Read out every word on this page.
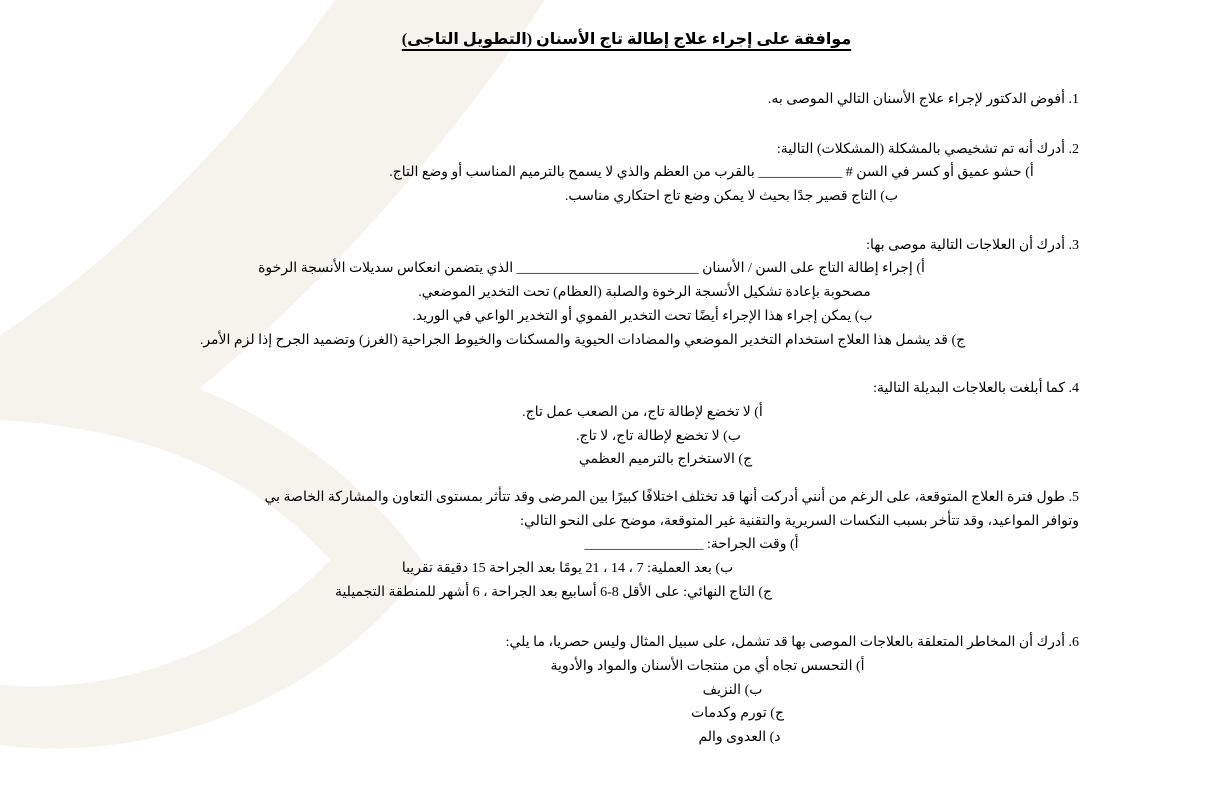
موافقة على إجراء علاج إطالة تاج الأسنان (التطويل التاجى)
1. أفوض الدكتور لإجراء علاج الأسنان التالي الموصى به.
2. أدرك أنه تم تشخيصي بالمشكلة (المشكلات) التالية:
أ) حشو عميق أو كسر في السن # ____________ بالقرب من العظم والذي لا يسمح بالترميم المناسب أو وضع التاج.
ب) التاج قصير جدًا بحيث لا يمكن وضع تاج احتكاري مناسب.
3. أدرك أن العلاجات التالية موصى بها:
أ) إجراء إطالة التاج على السن / الأسنان __________________________ الذي يتضمن انعكاس سديلات الأنسجة الرخوة
مصحوبة بإعادة تشكيل الأنسجة الرخوة والصلبة (العظام) تحت التخدير الموضعي.
ب) يمكن إجراء هذا الإجراء أيضًا تحت التخدير الفموي أو التخدير الواعي في الوريد.
ج) قد يشمل هذا العلاج استخدام التخدير الموضعي والمضادات الحيوية والمسكنات والخيوط الجراحية (الغرز) وتضميد الجرح إذا لزم الأمر.
4. كما أبلغت بالعلاجات البديلة التالية:
أ) لا تخضع لإطالة تاج، من الصعب عمل تاج.
ب) لا تخضع لإطالة تاج، لا تاج.
ج) الاستخراج بالترميم العظمي
5. طول فترة العلاج المتوقعة، على الرغم من أنني أدركت أنها قد تختلف اختلافًا كبيرًا بين المرضى وقد تتأثر بمستوى التعاون والمشاركة الخاصة بي
وتوافر المواعيد، وقد تتأخر بسبب النكسات السريرية والتقنية غير المتوقعة، موضح على النحو التالي:
أ) وقت الجراحة: _________________
ب) بعد العملية: 7 ، 14 ، 21 يومًا بعد الجراحة 15 دقيقة تقريبا
ج) التاج النهائي: على الأقل 8-6 أسابيع بعد الجراحة ، 6 أشهر للمنطقة التجميلية
6. أدرك أن المخاطر المتعلقة بالعلاجات الموصى بها قد تشمل، على سبيل المثال وليس حصريا، ما يلي:
أ) التحسس تجاه أي من منتجات الأسنان والمواد والأدوية
ب) النزيف
ج) تورم وكدمات
د) العدوى والم
